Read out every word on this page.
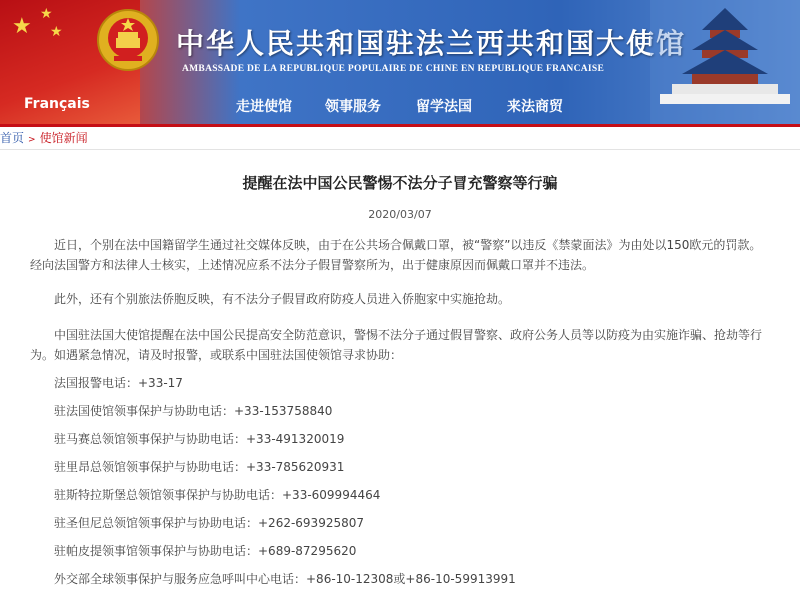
★ ★
★	中华人民共和国驻法兰西共和国大使馆
AMBASSADE DE LA REPUBLIQUE POPULAIRE DE CHINE EN REPUBLIQUE FRANCAISE
Français	走进使馆 领事服务	留学法国	来法商贸
首页 > 使馆新闻
提醒在法中国公民警惕不法分子冒充警察等行骗
2020/03/07

近日，个别在法中国籍留学生通过社交媒体反映，由于在公共场合佩戴口罩，被“警察”以违反《禁蒙面法》为由处以150欧元的罚款。经向法国警方和法律人士核实，上述情况应系不法分子假冒警察所为，出于健康原因而佩戴口罩并不违法。

此外，还有个别旅法侨胞反映，有不法分子假冒政府防疫人员进入侨胞家中实施抢劫。

中国驻法国大使馆提醒在法中国公民提高安全防范意识，警惕不法分子通过假冒警察、政府公务人员等以防疫为由实施诈骗、抢劫等行为。如遇紧急情况，请及时报警，或联系中国驻法国使领馆寻求协助：

法国报警电话：+33-17

驻法国使馆领事保护与协助电话：+33-153758840

驻马赛总领馆领事保护与协助电话：+33-491320019

驻里昂总领馆领事保护与协助电话：+33-785620931

驻斯特拉斯堡总领馆领事保护与协助电话：+33-609994464

驻圣但尼总领馆领事保护与协助电话：+262-693925807

驻帕皮提领事馆领事保护与协助电话：+689-87295620

外交部全球领事保护与服务应急呼叫中心电话：+86-10-12308或+86-10-59913991
